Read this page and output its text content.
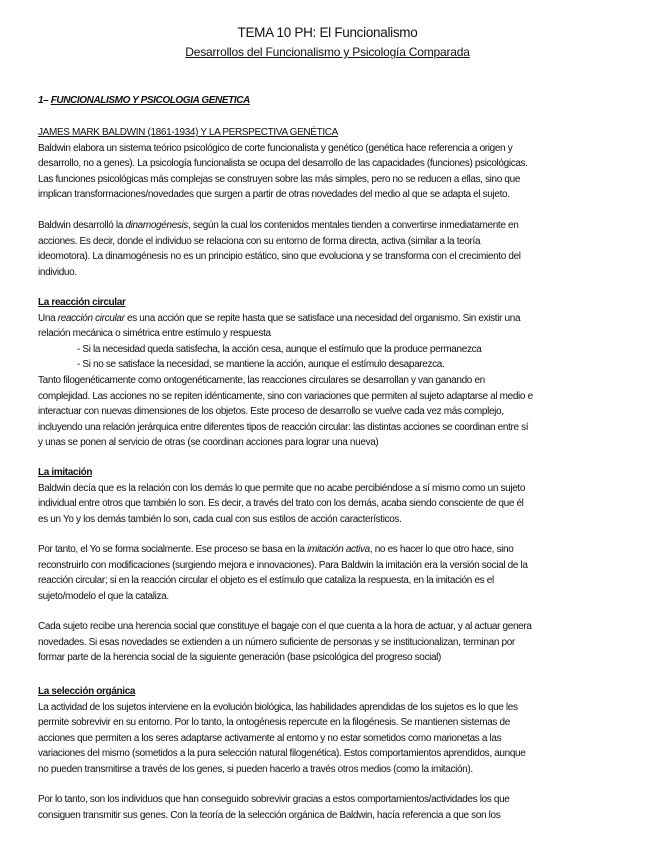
TEMA 10 PH: El Funcionalismo
Desarrollos del Funcionalismo y Psicología Comparada
1– FUNCIONALISMO Y PSICOLOGIA GENETICA

JAMES MARK BALDWIN (1861-1934) Y LA PERSPECTIVA GENÉTICA

Baldwin elabora un sistema teórico psicológico de corte funcionalista y genético (genética hace referencia a origen y

desarrollo, no a genes). La psicología funcionalista se ocupa del desarrollo de las capacidades (funciones) psicológicas.

Las funciones psicológicas más complejas se construyen sobre las más simples, pero no se reducen a ellas, sino que

implican transformaciones/novedades que surgen a partir de otras novedades del medio al que se adapta el sujeto.

Baldwin desarrolló la dinamogénesis, según la cual los contenidos mentales tienden a convertirse inmediatamente en

acciones. Es decir, donde el individuo se relaciona con su entorno de forma directa, activa (similar a la teoría

ideomotora). La dinamogénesis no es un principio estático, sino que evoluciona y se transforma con el crecimiento del

individuo.

La reacción circular

Una reacción circular es una acción que se repite hasta que se satisface una necesidad del organismo. Sin existir una

relación mecánica o simétrica entre estímulo y respuesta

- Si la necesidad queda satisfecha, la acción cesa, aunque el estímulo que la produce permanezca

- Si no se satisface la necesidad, se mantiene la acción, aunque el estímulo desaparezca.

Tanto filogenéticamente como ontogenéticamente, las reacciones circulares se desarrollan y van ganando en

complejidad. Las acciones no se repiten idénticamente, sino con variaciones que permiten al sujeto adaptarse al medio e

interactuar con nuevas dimensiones de los objetos. Este proceso de desarrollo se vuelve cada vez más complejo,

incluyendo una relación jerárquica entre diferentes tipos de reacción circular: las distintas acciones se coordinan entre sí

y unas se ponen al servicio de otras (se coordinan acciones para lograr una nueva)

La imitación

Baldwin decía que es la relación con los demás lo que permite que no acabe percibiéndose a sí mismo como un sujeto

individual entre otros que también lo son. Es decir, a través del trato con los demás, acaba siendo consciente de que él

es un Yo y los demás también lo son, cada cual con sus estilos de acción característicos.

Por tanto, el Yo se forma socialmente. Ese proceso se basa en la imitación activa, no es hacer lo que otro hace, sino

reconstruirlo con modificaciones (surgiendo mejora e innovaciones). Para Baldwin la imitación era la versión social de la

reacción circular; si en la reacción circular el objeto es el estímulo que cataliza la respuesta, en la imitación es el

sujeto/modelo el que la cataliza.

Cada sujeto recibe una herencia social que constituye el bagaje con el que cuenta a la hora de actuar, y al actuar genera

novedades. Si esas novedades se extienden a un número suficiente de personas y se institucionalizan, terminan por

formar parte de la herencia social de la siguiente generación (base psicológica del progreso social)

La selección orgánica

La actividad de los sujetos interviene en la evolución biológica, las habilidades aprendidas de los sujetos es lo que les

permite sobrevivir en su entorno. Por lo tanto, la ontogénesis repercute en la filogénesis. Se mantienen sistemas de

acciones que permiten a los seres adaptarse activamente al entorno y no estar sometidos como marionetas a las

variaciones del mismo (sometidos a la pura selección natural filogenética). Estos comportamientos aprendidos, aunque

no pueden transmitirse a través de los genes, si pueden hacerlo a través otros medios (como la imitación).

Por lo tanto, son los individuos que han conseguido sobrevivir gracias a estos comportamientos/actividades los que

consiguen transmitir sus genes. Con la teoría de la selección orgánica de Baldwin, hacía referencia a que son los
